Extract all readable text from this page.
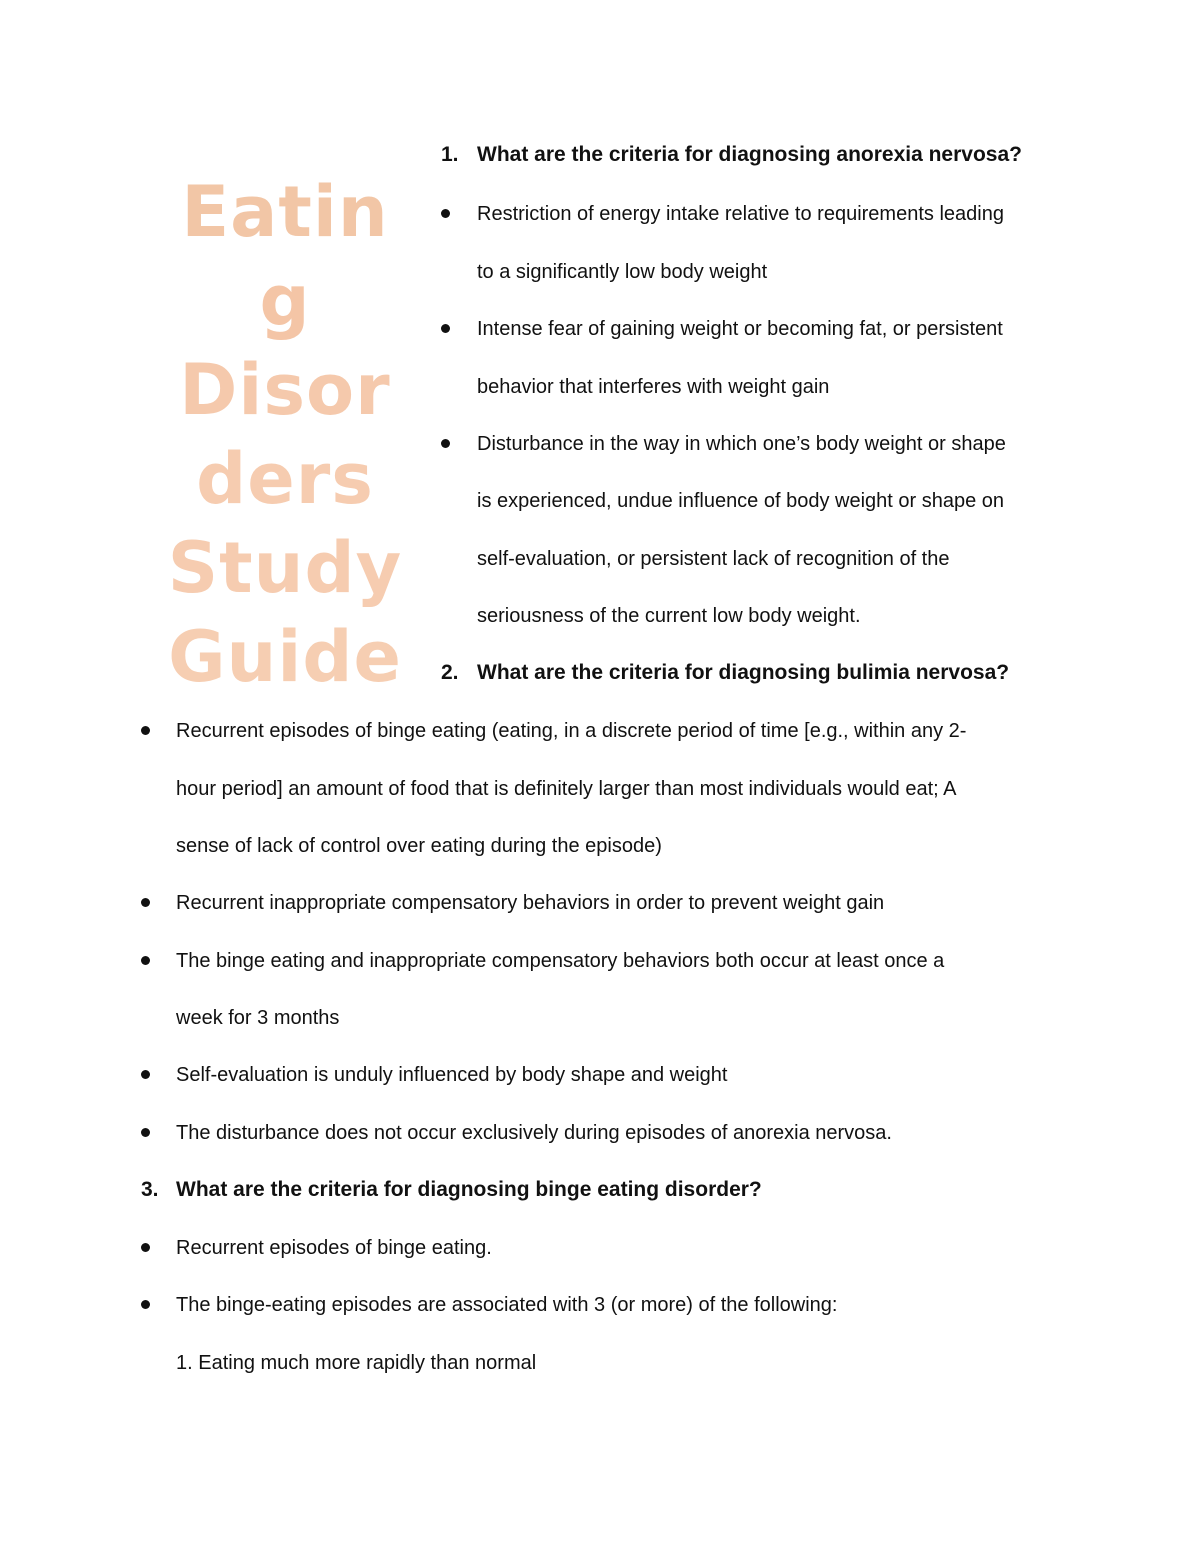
Eatin
g
Disor
ders
Study
Guide
1. What are the criteria for diagnosing anorexia nervosa?
Restriction of energy intake relative to requirements leading
to a significantly low body weight
Intense fear of gaining weight or becoming fat, or persistent
behavior that interferes with weight gain
Disturbance in the way in which one’s body weight or shape
is experienced, undue influence of body weight or shape on
self-evaluation, or persistent lack of recognition of the
seriousness of the current low body weight.
2. What are the criteria for diagnosing bulimia nervosa?
Recurrent episodes of binge eating (eating, in a discrete period of time [e.g., within any 2-
hour period] an amount of food that is definitely larger than most individuals would eat; A
sense of lack of control over eating during the episode)
Recurrent inappropriate compensatory behaviors in order to prevent weight gain
The binge eating and inappropriate compensatory behaviors both occur at least once a
week for 3 months
Self-evaluation is unduly influenced by body shape and weight
The disturbance does not occur exclusively during episodes of anorexia nervosa.
3. What are the criteria for diagnosing binge eating disorder?
Recurrent episodes of binge eating.
The binge-eating episodes are associated with 3 (or more) of the following:
1. Eating much more rapidly than normal
